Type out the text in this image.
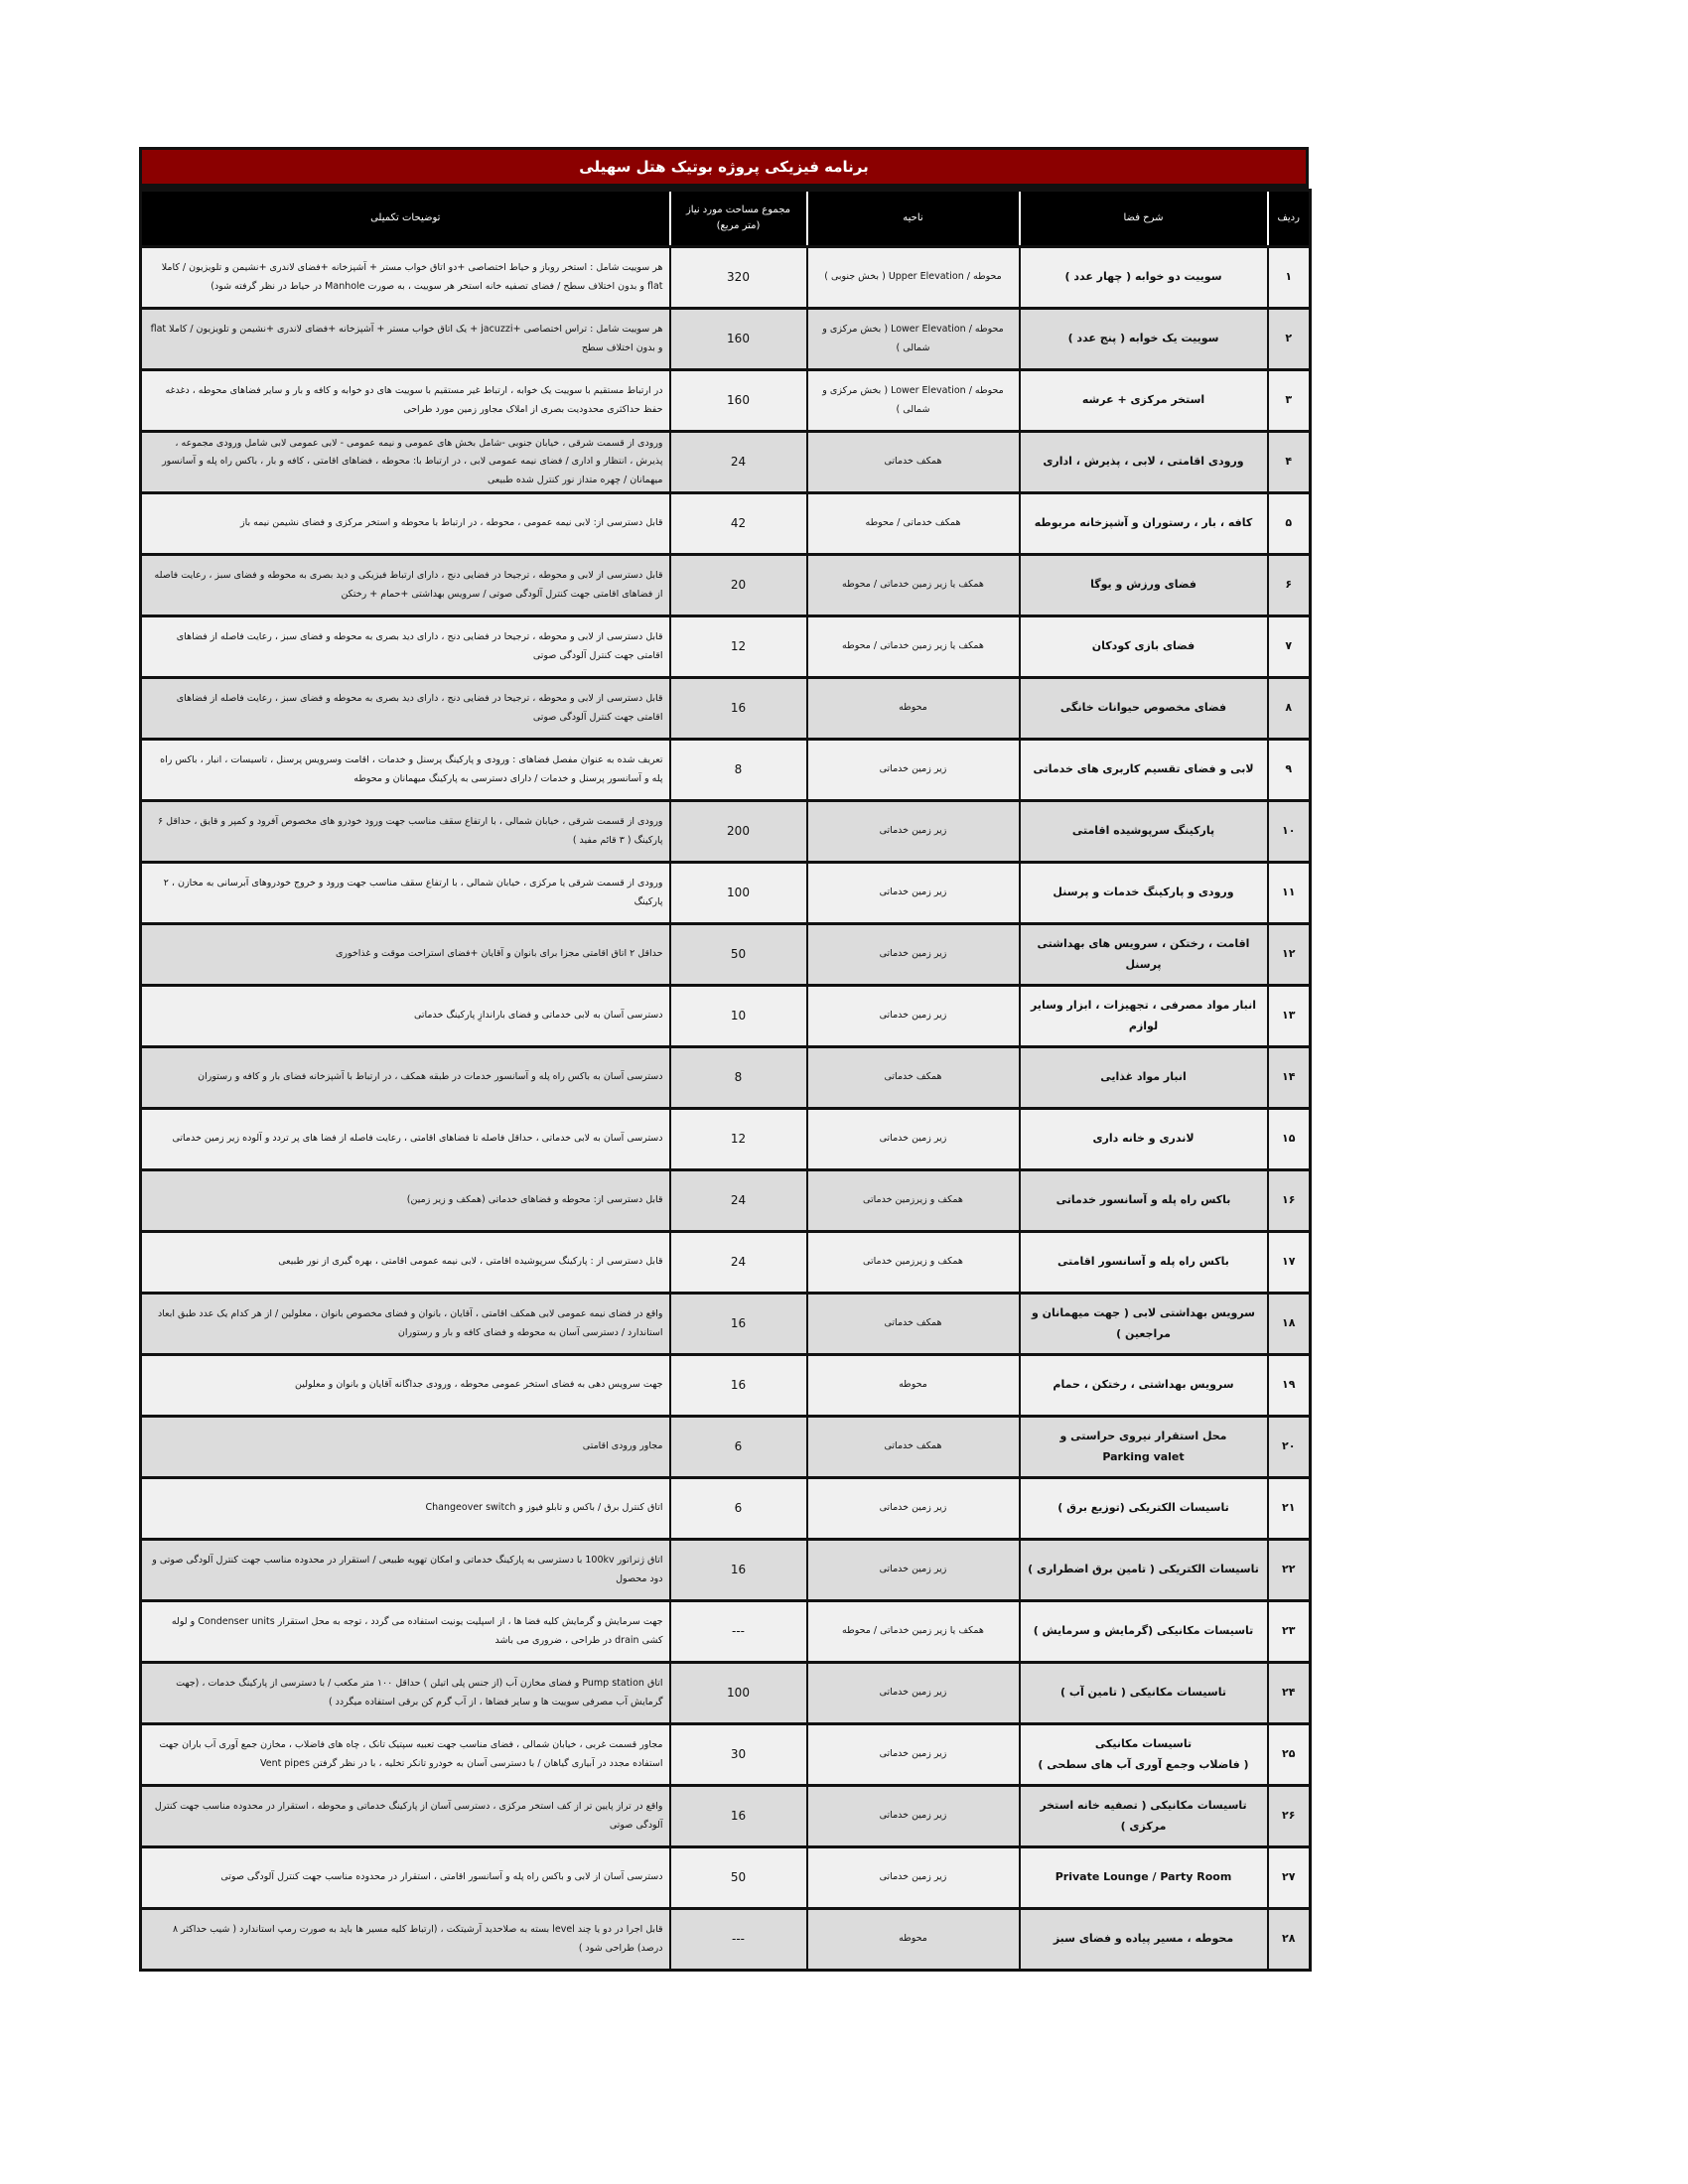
برنامه فیزیکی پروژه بوتیک هتل سهیلی
ردیف	شرح فضا	ناحیه	مجموع مساحت مورد نیاز
(متر مربع)	توضیحات تکمیلی
۱	سوییت دو خوابه ( چهار عدد )	محوطه / Upper Elevation ( بخش جنوبی )	320	هر سوییت شامل : استخر روباز و حیاط اختصاصی +دو اتاق خواب مستر + آشپزخانه +فضای لاندری +نشیمن و تلویزیون / کاملا flat و بدون اختلاف سطح / فضای تصفیه خانه استخر هر سوییت ، به صورت Manhole در حیاط در نظر گرفته شود)
۲	سوییت یک خوابه ( پنج عدد )	محوطه / Lower Elevation ( بخش مرکزی و شمالی )	160	هر سوییت شامل : تراس اختصاصی +jacuzzi + یک اتاق خواب مستر + آشپزخانه +فضای لاندری +نشیمن و تلویزیون / کاملا flat و بدون اختلاف سطح
۳	استخر مرکزی + عرشه	محوطه / Lower Elevation ( بخش مرکزی و شمالی )	160	در ارتباط مستقیم با سوییت یک خوابه ، ارتباط غیر مستقیم با سوییت های دو خوابه و کافه و بار و سایر فضاهای محوطه ، دغدغه حفظ حداکثری محدودیت بصری از املاک مجاور زمین مورد طراحی
۴	ورودی اقامتی ، لابی ، پذیرش ، اداری	همکف خدماتی	24	ورودی از قسمت شرقی ، خیابان جنوبی -شامل بخش های عمومی و نیمه عمومی - لابی عمومی لابی شامل ورودی مجموعه ، پذیرش ، انتظار و اداری / فضای نیمه عمومی لابی ، در ارتباط با: محوطه ، فضاهای اقامتی ، کافه و بار ، باکس راه پله و آسانسور میهمانان / چهره متداز نور کنترل شده طبیعی
۵	کافه ، بار ، رستوران و آشپزخانه مربوطه	همکف خدماتی / محوطه	42	قابل دسترسی از: لابی نیمه عمومی ، محوطه ، در ارتباط با محوطه و استخر مرکزی و فضای نشیمن نیمه باز
۶	فضای ورزش و یوگا	همکف یا زیر زمین خدماتی / محوطه	20	قابل دسترسی از لابی و محوطه ، ترجیحا در فضایی دنج ، دارای ارتباط فیزیکی و دید بصری به محوطه و فضای سبز ، رعایت فاصله از فضاهای اقامتی جهت کنترل آلودگی صوتی / سرویس بهداشتی +حمام + رختکن
۷	فضای بازی کودکان	همکف یا زیر زمین خدماتی / محوطه	12	قابل دسترسی از لابی و محوطه ، ترجیحا در فضایی دنج ، دارای دید بصری به محوطه و فضای سبز ، رعایت فاصله از فضاهای اقامتی جهت کنترل آلودگی صوتی
۸	فضای مخصوص حیوانات خانگی	محوطه	16	قابل دسترسی از لابی و محوطه ، ترجیحا در فضایی دنج ، دارای دید بصری به محوطه و فضای سبز ، رعایت فاصله از فضاهای اقامتی جهت کنترل آلودگی صوتی
۹	لابی و فضای تقسیم کاربری های خدماتی	زیر زمین خدماتی	8	تعریف شده به عنوان مفصل فضاهای : ورودی و پارکینگ پرسنل و خدمات ، اقامت وسرویس پرسنل ، تاسیسات ، انبار ، باکس راه پله و آسانسور پرسنل و خدمات / دارای دسترسی به پارکینگ میهمانان و محوطه
۱۰	پارکینگ سرپوشیده اقامتی	زیر زمین خدماتی	200	ورودی از قسمت شرقی ، خیابان شمالی ، با ارتفاع سقف مناسب جهت ورود خودرو های مخصوص آفرود و کمپر و قایق ، حداقل ۶ پارکینگ ( ۳ قائم مفید )
۱۱	ورودی و پارکینگ خدمات و پرسنل	زیر زمین خدماتی	100	ورودی از قسمت شرقی یا مرکزی ، خیابان شمالی ، با ارتفاع سقف مناسب جهت ورود و خروج خودروهای آبرسانی به مخازن ، ۲ پارکینگ
۱۲	اقامت ، رختکن ، سرویس های بهداشتی پرسنل	زیر زمین خدماتی	50	حداقل ۲ اتاق اقامتی مجزا برای بانوان و آقایان +فضای استراحت موقت و غذاخوری
۱۳	انبار مواد مصرفی ، تجهیزات ، ابزار وسایر لوازم	زیر زمین خدماتی	10	دسترسی آسان به لابی خدماتی و فضای باراندازِ پارکینگ خدماتی
۱۴	انبار مواد غذایی	همکف خدماتی	8	دسترسی آسان به باکس راه پله و آسانسور خدمات در طبقه همکف ، در ارتباط با آشپزخانه فضای بار و کافه و رستوران
۱۵	لاندری و خانه داری	زیر زمین خدماتی	12	دسترسی آسان به لابی خدماتی ، حداقل فاصله تا فضاهای اقامتی ، رعایت فاصله از فضا های پر تردد و آلوده زیر زمین خدماتی
۱۶	باکس راه پله و آسانسور خدماتی	همکف و زیرزمین خدماتی	24	قابل دسترسی از: محوطه و فضاهای خدماتی (همکف و زیر زمین)
۱۷	باکس راه پله و آسانسور اقامتی	همکف و زیرزمین خدماتی	24	قابل دسترسی از : پارکینگ سرپوشیده اقامتی ، لابی نیمه عمومی اقامتی ، بهره گیری از نور طبیعی
۱۸	سرویس بهداشتی لابی ( جهت میهمانان و مراجعین )	همکف خدماتی	16	واقع در فضای نیمه عمومی لابی همکف اقامتی ، آقایان ، بانوان و فضای مخصوص بانوان ، معلولین / از هر کدام یک عدد طبق ابعاد استاندارد / دسترسی آسان به محوطه و فضای کافه و بار و رستوران
۱۹	سرویس بهداشتی ، رختکن ، حمام	محوطه	16	جهت سرویس دهی به فضای استخر عمومی محوطه ، ورودی جداگانه آقایان و بانوان و معلولین
۲۰	محل استقرار نیروی حراستی و
Parking valet	همکف خدماتی	6	مجاور ورودی اقامتی
۲۱	تاسیسات الکتریکی (توزیع برق )	زیر زمین خدماتی	6	اتاق کنترل برق / باکس و تابلو فیوز و Changeover switch
۲۲	تاسیسات الکتریکی ( تامین برق اضطراری )	زیر زمین خدماتی	16	اتاق ژنراتور 100kv با دسترسی به پارکینگ خدماتی و امکان تهویه طبیعی / استقرار در محدوده مناسب جهت کنترل آلودگی صوتی و دود محصول
۲۳	تاسیسات مکانیکی (گرمایش و سرمایش )	همکف یا زیر زمین خدماتی / محوطه	---	جهت سرمایش و گرمایش کلیه فضا ها ، از اسپلیت یونیت استفاده می گردد ، توجه به محل استقرار Condenser units و لوله کشی drain در طراحی ، ضروری می باشد
۲۴	تاسیسات مکانیکی ( تامین آب )	زیر زمین خدماتی	100	اتاق Pump station و فضای مخازن آب (از جنس پلی اتیلن ) حداقل ۱۰۰ متر مکعب / با دسترسی از پارکینگ خدمات ، (جهت گرمایش آب مصرفی سوییت ها و سایر فضاها ، از آب گرم کن برقی استفاده میگردد )
۲۵	تاسیسات مکانیکی
( فاضلاب وجمع آوری آب های سطحی )	زیر زمین خدماتی	30	مجاور قسمت غربی ، خیابان شمالی ، فضای مناسب جهت تعبیه سپتیک تانک ، چاه های فاضلاب ، مخازن جمع آوری آب باران جهت استفاده مجدد در آبیاری گیاهان / با دسترسی آسان به خودرو تانکر تخلیه ، با در نظر گرفتن Vent pipes
۲۶	تاسیسات مکانیکی ( تصفیه خانه استخر مرکزی )	زیر زمین خدماتی	16	واقع در تراز پایین تر از کف استخر مرکزی ، دسترسی آسان از پارکینگ خدماتی و محوطه ، استقرار در محدوده مناسب جهت کنترل آلودگی صوتی
۲۷	Private Lounge / Party Room	زیر زمین خدماتی	50	دسترسی آسان از لابی و باکس راه پله و آسانسور اقامتی ، استقرار در محدوده مناسب جهت کنترل آلودگی صوتی
۲۸	محوطه ، مسیر پیاده و فضای سبز	محوطه	---	قابل اجرا در دو یا چند level بسته به صلاحدید آرشیتکت ، (ارتباط کلیه مسیر ها باید به صورت رمپ استاندارد ( شیب حداکثر ۸ درصد) طراحی شود )
